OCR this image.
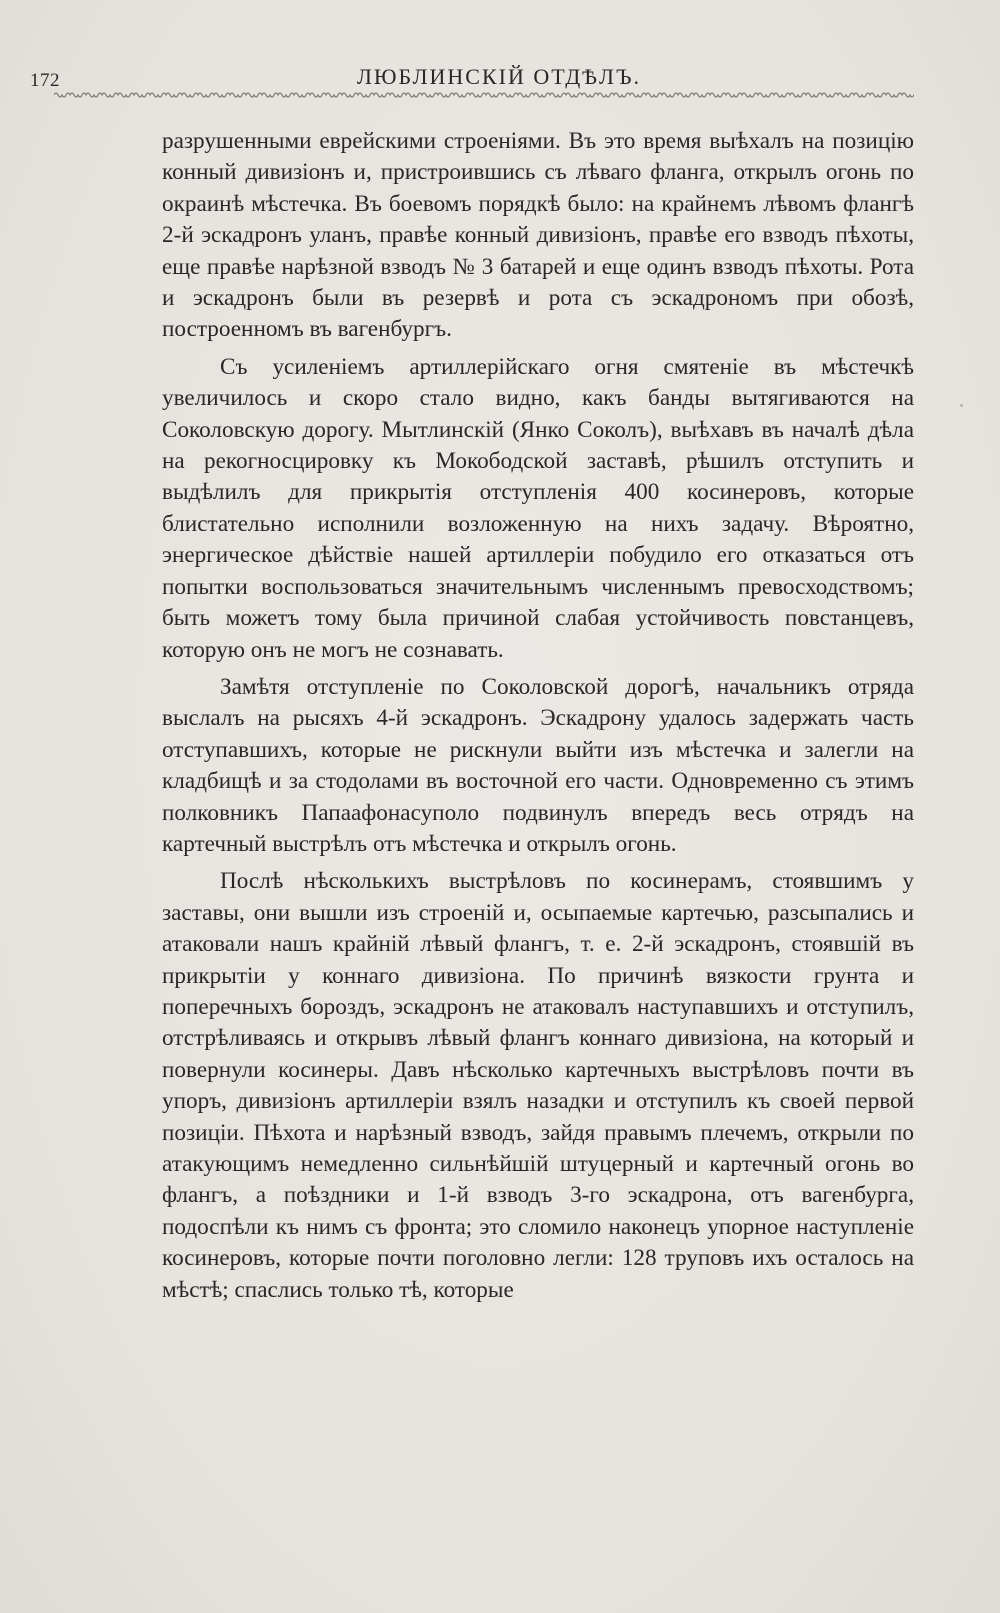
172	ЛЮБЛИНСКIЙ ОТДѢЛЪ.

разрушенными еврейскими строенiями. Въ это время выѣхалъ на позицiю конный дивизiонъ и, пристроившись съ лѣваго фланга, открылъ огонь по окраинѣ мѣстечка. Въ боевомъ порядкѣ было: на крайнемъ лѣвомъ флангѣ 2-й эскадронъ уланъ, правѣе конный дивизiонъ, правѣе его взводъ пѣхоты, еще правѣе нарѣзной взводъ № 3 батарей и еще одинъ взводъ пѣхоты. Рота и эскадронъ были въ резервѣ и рота съ эскадрономъ при обозѣ, построенномъ въ вагенбургъ.

Съ усиленiемъ артиллерiйскаго огня смятенiе въ мѣстечкѣ увеличилось и скоро стало видно, какъ банды вытягиваются на Соколовскую дорогу. Мытлинскiй (Янко Соколъ), выѣхавъ въ началѣ дѣла на рекогносцировку къ Мокободской заставѣ, рѣшилъ отступить и выдѣлилъ для прикрытiя отступленiя 400 косинеровъ, которые блистательно исполнили возложенную на нихъ задачу. Вѣроятно, энергическое дѣйствiе нашей артиллерiи побудило его отказаться отъ попытки воспользоваться значительнымъ численнымъ превосходствомъ; быть можетъ тому была причиной слабая устойчивость повстанцевъ, которую онъ не могъ не сознавать.

Замѣтя отступленiе по Соколовской дорогѣ, начальникъ отряда выслалъ на рысяхъ 4-й эскадронъ. Эскадрону удалось задержать часть отступавшихъ, которые не рискнули выйти изъ мѣстечка и залегли на кладбищѣ и за стодолами въ восточной его части. Одновременно съ этимъ полковникъ Папаафонасуполо подвинулъ впередъ весь отрядъ на картечный выстрѣлъ отъ мѣстечка и открылъ огонь.

Послѣ нѣсколькихъ выстрѣловъ по косинерамъ, стоявшимъ у заставы, они вышли изъ строенiй и, осыпаемые картечью, разсыпались и атаковали нашъ крайнiй лѣвый флангъ, т. е. 2-й эскадронъ, стоявшiй въ прикрытiи у коннаго дивизiона. По причинѣ вязкости грунта и поперечныхъ бороздъ, эскадронъ не атаковалъ наступавшихъ и отступилъ, отстрѣливаясь и открывъ лѣвый флангъ коннаго дивизiона, на который и повернули косинеры. Давъ нѣсколько картечныхъ выстрѣловъ почти въ упоръ, дивизiонъ артиллерiи взялъ назадки и отступилъ къ своей первой позицiи. Пѣхота и нарѣзный взводъ, зайдя правымъ плечемъ, открыли по атакующимъ немедленно сильнѣйшiй штуцерный и картечный огонь во флангъ, а поѣздники и 1-й взводъ 3-го эскадрона, отъ вагенбурга, подоспѣли къ нимъ съ фронта; это сломило наконецъ упорное наступленiе косинеровъ, которые почти поголовно легли: 128 труповъ ихъ осталось на мѣстѣ; спаслись только тѣ, которые
